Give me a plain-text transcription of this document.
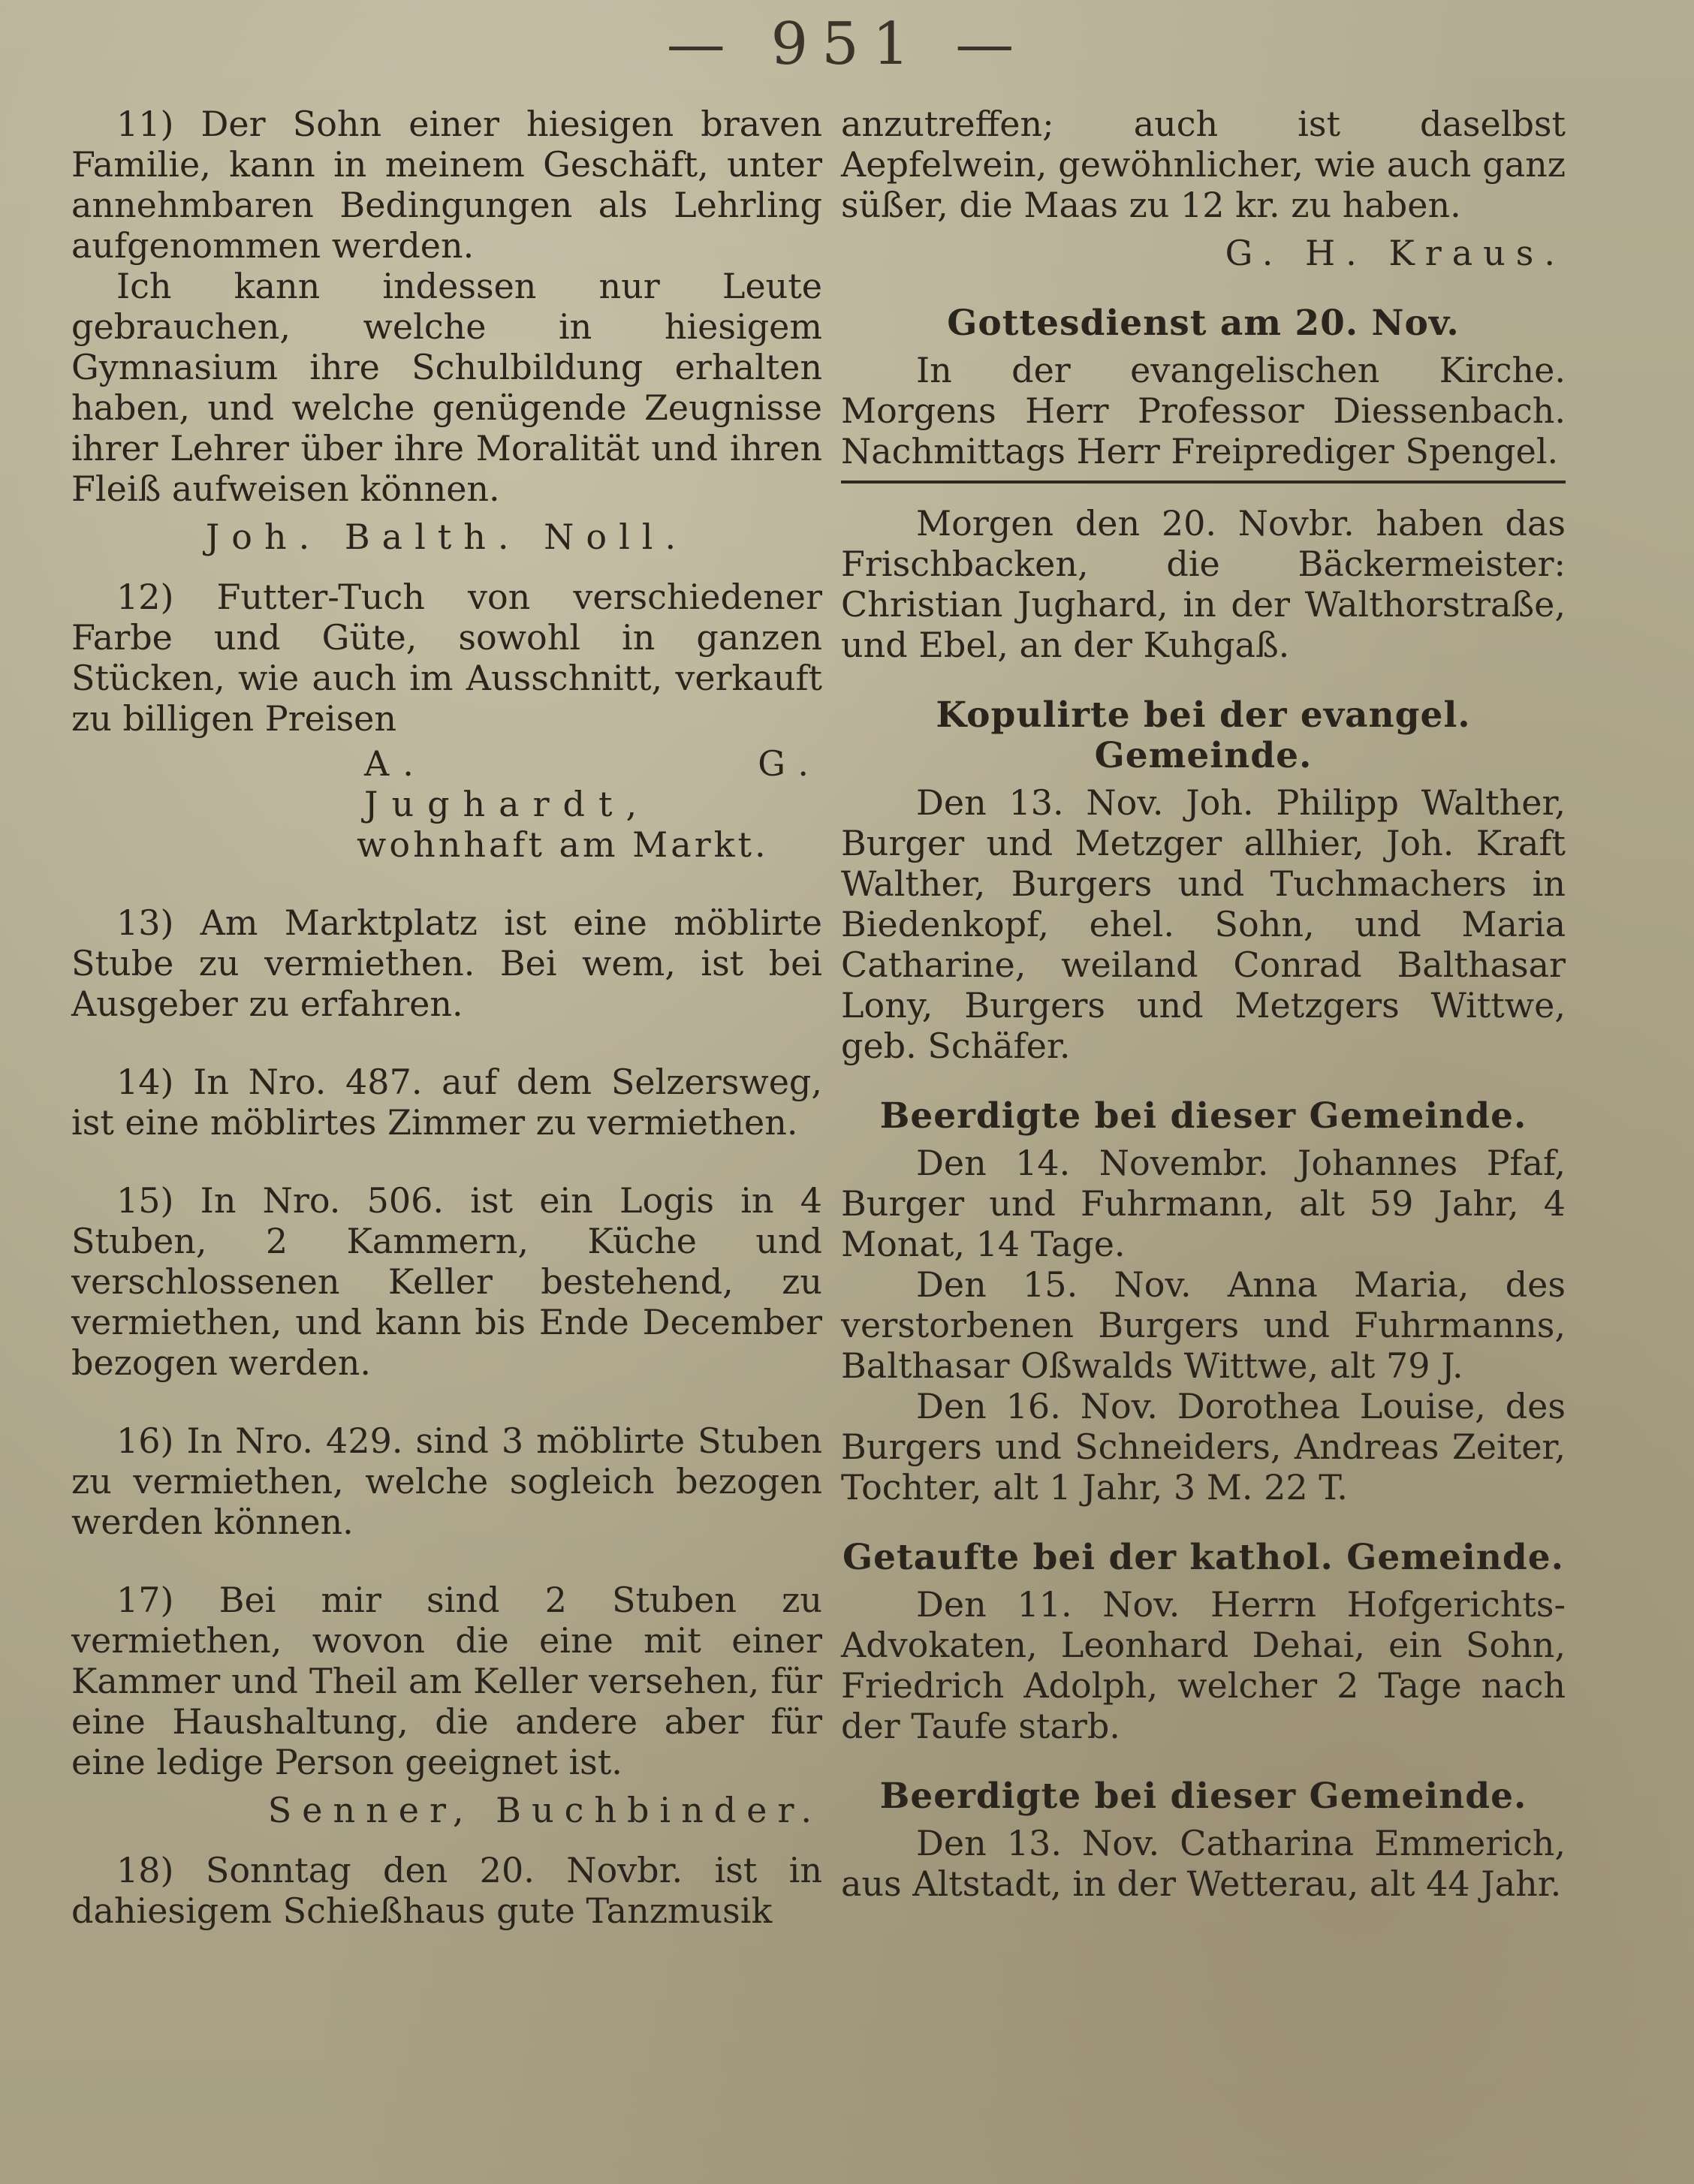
— 951 —

11) Der Sohn einer hiesigen braven Familie, kann in meinem Geschäft, unter annehmbaren Bedingungen als Lehrling aufgenommen werden.

Ich kann indessen nur Leute gebrauchen, welche in hiesigem Gymnasium ihre Schulbildung erhalten haben, und welche genügende Zeugnisse ihrer Lehrer über ihre Moralität und ihren Fleiß aufweisen können.

Joh. Balth. Noll.

12) Futter-Tuch von verschiedener Farbe und Güte, sowohl in ganzen Stücken, wie auch im Ausschnitt, verkauft zu billigen Preisen

A. G. Jughardt,
wohnhaft am Markt.

13) Am Marktplatz ist eine möblirte Stube zu vermiethen. Bei wem, ist bei Ausgeber zu erfahren.

14) In Nro. 487. auf dem Selzersweg, ist eine möblirtes Zimmer zu vermiethen.

15) In Nro. 506. ist ein Logis in 4 Stuben, 2 Kammern, Küche und verschlossenen Keller bestehend, zu vermiethen, und kann bis Ende December bezogen werden.

16) In Nro. 429. sind 3 möblirte Stuben zu vermiethen, welche sogleich bezogen werden können.

17) Bei mir sind 2 Stuben zu vermiethen, wovon die eine mit einer Kammer und Theil am Keller versehen, für eine Haushaltung, die andere aber für eine ledige Person geeignet ist.

Senner, Buchbinder.

18) Sonntag den 20. Novbr. ist in dahiesigem Schießhaus gute Tanzmusik

anzutreffen; auch ist daselbst Aepfelwein, gewöhnlicher, wie auch ganz süßer, die Maas zu 12 kr. zu haben.

G. H. Kraus.
Gottesdienst am 20. Nov.

In der evangelischen Kirche. Morgens Herr Professor Diessenbach. Nachmittags Herr Freiprediger Spengel.

Morgen den 20. Novbr. haben das Frischbacken, die Bäckermeister: Christian Jughard, in der Walthorstraße, und Ebel, an der Kuhgaß.

Kopulirte bei der evangel. Gemeinde.

Den 13. Nov. Joh. Philipp Walther, Burger und Metzger allhier, Joh. Kraft Walther, Burgers und Tuchmachers in Biedenkopf, ehel. Sohn, und Maria Catharine, weiland Conrad Balthasar Lony, Burgers und Metzgers Wittwe, geb. Schäfer.

Beerdigte bei dieser Gemeinde.

Den 14. Novembr. Johannes Pfaf, Burger und Fuhrmann, alt 59 Jahr, 4 Monat, 14 Tage.

Den 15. Nov. Anna Maria, des verstorbenen Burgers und Fuhrmanns, Balthasar Oßwalds Wittwe, alt 79 J.

Den 16. Nov. Dorothea Louise, des Burgers und Schneiders, Andreas Zeiter, Tochter, alt 1 Jahr, 3 M. 22 T.

Getaufte bei der kathol. Gemeinde.

Den 11. Nov. Herrn Hofgerichts-Advokaten, Leonhard Dehai, ein Sohn, Friedrich Adolph, welcher 2 Tage nach der Taufe starb.

Beerdigte bei dieser Gemeinde.

Den 13. Nov. Catharina Emmerich, aus Altstadt, in der Wetterau, alt 44 Jahr.
